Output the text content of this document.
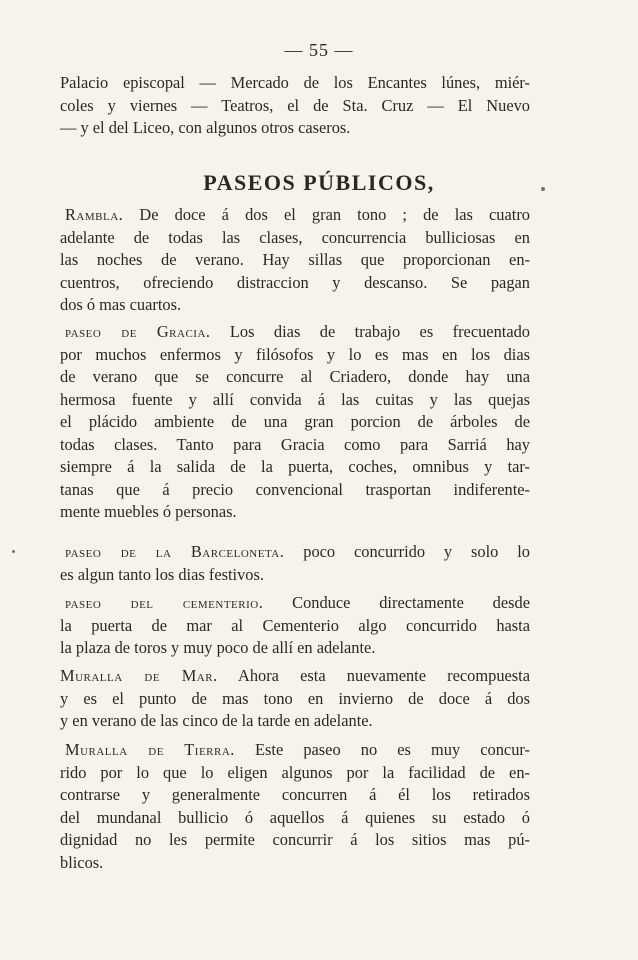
— 55 —
Palacio episcopal — Mercado de los Encantes lúnes, miér-
coles y viernes — Teatros, el de Sta. Cruz — El Nuevo
— y el del Liceo, con algunos otros caseros.
PASEOS PÚBLICOS,
Rambla. De doce á dos el gran tono ; de las cuatro
adelante de todas las clases, concurrencia bulliciosas en
las noches de verano. Hay sillas que proporcionan en-
cuentros, ofreciendo distraccion y descanso. Se pagan
dos ó mas cuartos.
paseo de Gracia. Los dias de trabajo es frecuentado
por muchos enfermos y filósofos y lo es mas en los dias
de verano que se concurre al Criadero, donde hay una
hermosa fuente y allí convida á las cuitas y las quejas
el plácido ambiente de una gran porcion de árboles de
todas clases. Tanto para Gracia como para Sarriá hay
siempre á la salida de la puerta, coches, omnibus y tar-
tanas que á precio convencional trasportan indiferente-
mente muebles ó personas.
paseo de la Barceloneta. poco concurrido y solo lo
es algun tanto los dias festivos.
paseo del cementerio. Conduce directamente desde
la puerta de mar al Cementerio algo concurrido hasta
la plaza de toros y muy poco de allí en adelante.
Muralla de Mar. Ahora esta nuevamente recompuesta
y es el punto de mas tono en invierno de doce á dos
y en verano de las cinco de la tarde en adelante.
Muralla de Tierra. Este paseo no es muy concur-
rido por lo que lo eligen algunos por la facilidad de en-
contrarse y generalmente concurren á él los retirados
del mundanal bullicio ó aquellos á quienes su estado ó
dignidad no les permite concurrir á los sitios mas pú-
blicos.
